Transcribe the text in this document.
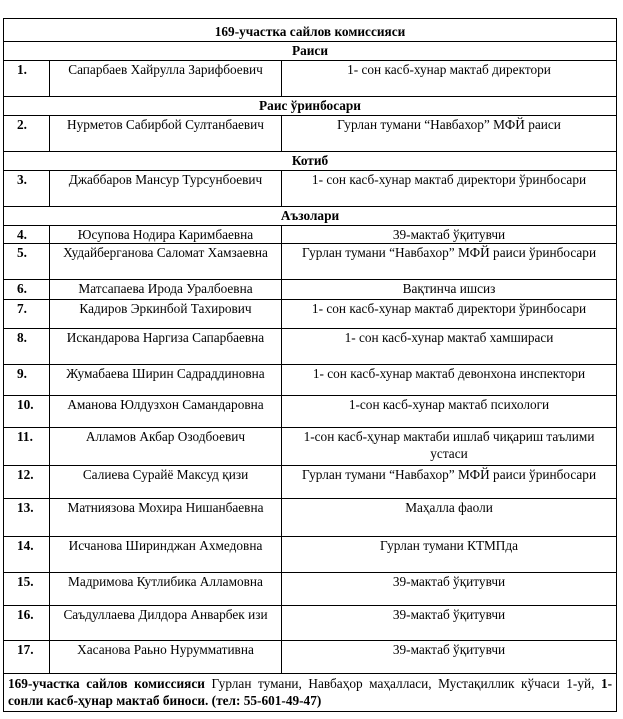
169-участка сайлов комиссияси		
Раиси		
1.	Сапарбаев Хайрулла Зарифбоевич	1- сон касб-хунар мактаб директори
Раис ўринбосари		
2.	Нурметов Сабирбой Султанбаевич	Гурлан тумани “Навбахор” МФЙ раиси
Котиб		
3.	Джаббаров Мансур Турсунбоевич	1- сон касб-хунар мактаб директори ўринбосари
Аъзолари		
4.	Юсупова Нодира Каримбаевна	39-мактаб ўқитувчи
5.	Худайберганова Саломат Хамзаевна	Гурлан тумани “Навбахор” МФЙ раиси ўринбосари
6.	Матсапаева Ирода Уралбоевна	Вақтинча ишсиз
7.	Кадиров Эркинбой Тахирович	1- сон касб-хунар мактаб директори ўринбосари
8.	Искандарова Наргиза Сапарбаевна	1- сон касб-хунар мактаб хамшираси
9.	Жумабаева Ширин Садраддиновна	1- сон касб-хунар мактаб девонхона инспектори
10.	Аманова Юлдузхон Самандаровна	1-сон касб-хунар мактаб психологи
11.	Алламов Акбар Озодбоевич	1-сон касб-ҳунар мактаби ишлаб чиқариш таълими устаси
12.	Салиева Сурайё Максуд қизи	Гурлан тумани “Навбахор” МФЙ раиси ўринбосари
13.	Матниязова Мохира Нишанбаевна	Маҳалла фаоли
14.	Исчанова Ширинджан Ахмедовна	Гурлан тумани КТМПда
15.	Мадримова Кутлибика Алламовна	39-мактаб ўқитувчи
16.	Саъдуллаева Дилдора Анварбек изи	39-мактаб ўқитувчи
17.	Хасанова Раьно Нуруммативна	39-мактаб ўқитувчи
169-участка сайлов комиссияси Гурлан тумани, Навбаҳор маҳалласи, Мустақиллик кўчаси 1-уй, 1-сонли касб-ҳунар мактаб биноси. (тел: 55-601-49-47)		
